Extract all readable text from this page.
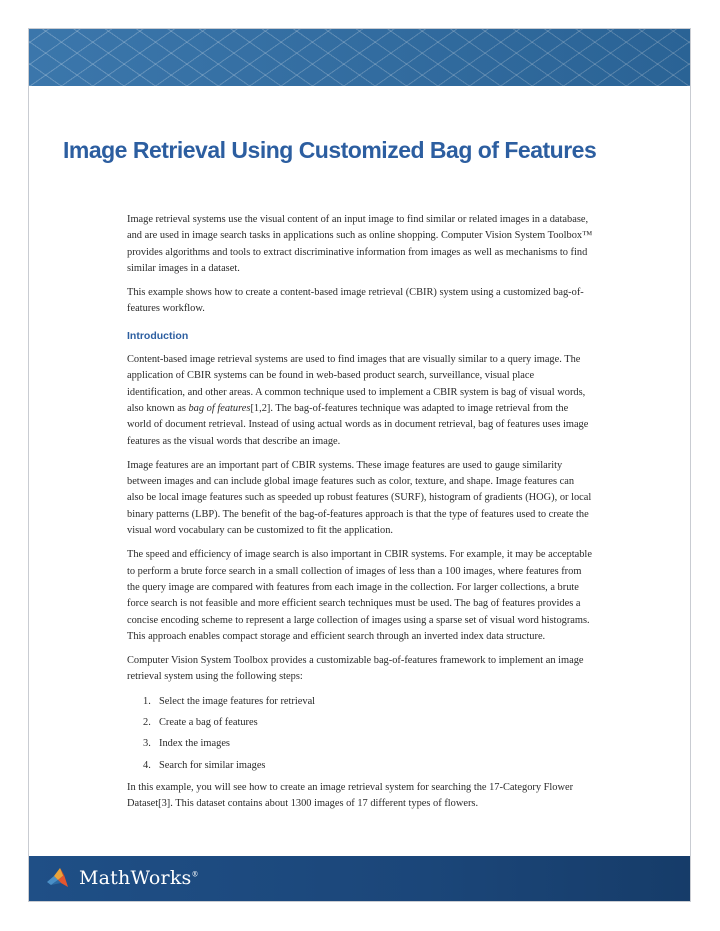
Image Retrieval Using Customized Bag of Features

Image retrieval systems use the visual content of an input image to find similar or related images in a database, and are used in image search tasks in applications such as online shopping. Computer Vision System Toolbox™ provides algorithms and tools to extract discriminative information from images as well as mechanisms to find similar images in a dataset.

This example shows how to create a content-based image retrieval (CBIR) system using a customized bag-of-features workflow.

Introduction

Content-based image retrieval systems are used to find images that are visually similar to a query image. The application of CBIR systems can be found in web-based product search, surveillance, visual place identification, and other areas. A common technique used to implement a CBIR system is bag of visual words, also known as bag of features[1,2]. The bag-of-features technique was adapted to image retrieval from the world of document retrieval. Instead of using actual words as in document retrieval, bag of features uses image features as the visual words that describe an image.

Image features are an important part of CBIR systems. These image features are used to gauge similarity between images and can include global image features such as color, texture, and shape. Image features can also be local image features such as speeded up robust features (SURF), histogram of gradients (HOG), or local binary patterns (LBP). The benefit of the bag-of-features approach is that the type of features used to create the visual word vocabulary can be customized to fit the application.

The speed and efficiency of image search is also important in CBIR systems. For example, it may be acceptable to perform a brute force search in a small collection of images of less than a 100 images, where features from the query image are compared with features from each image in the collection. For larger collections, a brute force search is not feasible and more efficient search techniques must be used. The bag of features provides a concise encoding scheme to represent a large collection of images using a sparse set of visual word histograms. This approach enables compact storage and efficient search through an inverted index data structure.

Computer Vision System Toolbox provides a customizable bag-of-features framework to implement an image retrieval system using the following steps:

1. Select the image features for retrieval
2. Create a bag of features
3. Index the images
4. Search for similar images

In this example, you will see how to create an image retrieval system for searching the 17-Category Flower Dataset[3]. This dataset contains about 1300 images of 17 different types of flowers.

MathWorks®
